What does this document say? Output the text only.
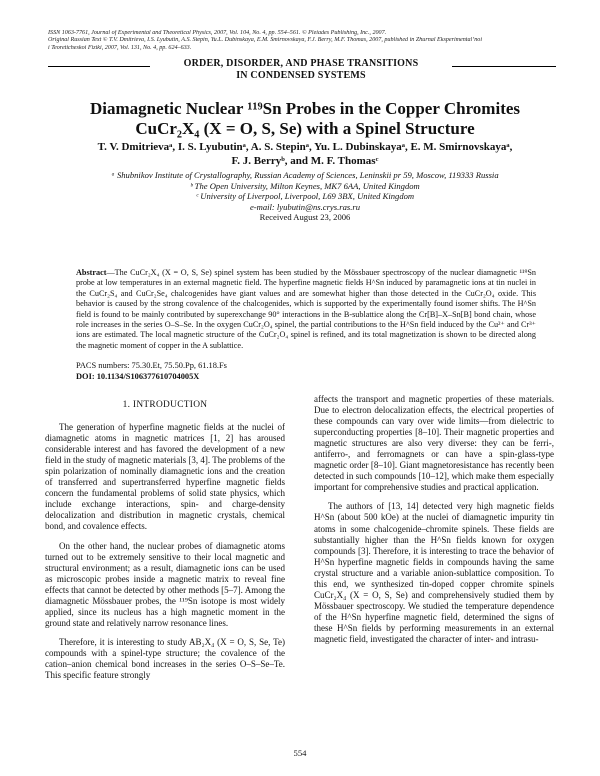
ISSN 1063-7761, Journal of Experimental and Theoretical Physics, 2007, Vol. 104, No. 4, pp. 554–561. © Pleiades Publishing, Inc., 2007.
Original Russian Text © T.V. Dmitrieva, I.S. Lyubutin, A.S. Stepin, Yu.L. Dubinskaya, E.M. Smirnovskaya, F.J. Berry, M.F. Thomas, 2007, published in Zhurnal Éksperimental’noi
i Teoreticheskoi Fiziki, 2007, Vol. 131, No. 4, pp. 624–633.
ORDER, DISORDER, AND PHASE TRANSITIONS
IN CONDENSED SYSTEMS
Diamagnetic Nuclear ¹¹⁹Sn Probes in the Copper Chromites
CuCr₂X₄ (X = O, S, Se) with a Spinel Structure
T. V. Dmitrievaᵃ, I. S. Lyubutinᵃ, A. S. Stepinᵃ, Yu. L. Dubinskayaᵃ, E. M. Smirnovskayaᵃ,
F. J. Berryᵇ, and M. F. Thomasᶜ
ᵃ Shubnikov Institute of Crystallography, Russian Academy of Sciences, Leninskii pr 59, Moscow, 119333 Russia
ᵇ The Open University, Milton Keynes, MK7 6AA, United Kingdom
ᶜ University of Liverpool, Liverpool, L69 3BX, United Kingdom
e-mail: lyubutin@ns.crys.ras.ru
Received August 23, 2006
Abstract—The CuCr₂X₄ (X = O, S, Se) spinel system has been studied by the Mössbauer spectroscopy of the nuclear diamagnetic ¹¹⁹Sn probe at low temperatures in an external magnetic field. The hyperfine magnetic fields H^Sn induced by paramagnetic ions at tin nuclei in the CuCr₂S₄ and CuCr₂Se₄ chalcogenides have giant values and are somewhat higher than those detected in the CuCr₂O₄ oxide. This behavior is caused by the strong covalence of the chalcogenides, which is supported by the experimentally found isomer shifts. The H^Sn field is found to be mainly contributed by superexchange 90° interactions in the B-sublattice along the Cr[B]–X–Sn[B] bond chain, whose role increases in the series O–S–Se. In the oxygen CuCr₂O₄ spinel, the partial contributions to the H^Sn field induced by the Cu²⁺ and Cr³⁺ ions are estimated. The local magnetic structure of the CuCr₂O₄ spinel is refined, and its total magnetization is shown to be directed along the magnetic moment of copper in the A sublattice.
PACS numbers: 75.30.Et, 75.50.Pp, 61.18.Fs
DOI: 10.1134/S106377610704005X
1. INTRODUCTION

The generation of hyperfine magnetic fields at the nuclei of diamagnetic atoms in magnetic matrices [1, 2] has aroused considerable interest and has favored the development of a new field in the study of magnetic materials [3, 4]. The problems of the spin polarization of nominally diamagnetic ions and the creation of transferred and supertransferred hyperfine magnetic fields concern the fundamental problems of solid state physics, which include exchange interactions, spin- and charge-density delocalization and distribution in magnetic crystals, chemical bond, and covalence effects.

On the other hand, the nuclear probes of diamagnetic atoms turned out to be extremely sensitive to their local magnetic and structural environment; as a result, diamagnetic ions can be used as microscopic probes inside a magnetic matrix to reveal fine effects that cannot be detected by other methods [5–7]. Among the diamagnetic Mössbauer probes, the ¹¹⁹Sn isotope is most widely applied, since its nucleus has a high magnetic moment in the ground state and relatively narrow resonance lines.

Therefore, it is interesting to study AB₂X₄ (X = O, S, Se, Te) compounds with a spinel-type structure; the covalence of the cation–anion chemical bond increases in the series O–S–Se–Te. This specific feature strongly

affects the transport and magnetic properties of these materials. Due to electron delocalization effects, the electrical properties of these compounds can vary over wide limits—from dielectric to superconducting properties [8–10]. Their magnetic properties and magnetic structures are also very diverse: they can be ferri-, antiferro-, and ferromagnets or can have a spin-glass-type magnetic order [8–10]. Giant magnetoresistance has recently been detected in such compounds [10–12], which make them especially important for comprehensive studies and practical application.

The authors of [13, 14] detected very high magnetic fields H^Sn (about 500 kOe) at the nuclei of diamagnetic impurity tin atoms in some chalcogenide–chromite spinels. These fields are substantially higher than the H^Sn fields known for oxygen compounds [3]. Therefore, it is interesting to trace the behavior of H^Sn hyperfine magnetic fields in compounds having the same crystal structure and a variable anion-sublattice composition. To this end, we synthesized tin-doped copper chromite spinels CuCr₂X₄ (X = O, S, Se) and comprehensively studied them by Mössbauer spectroscopy. We studied the temperature dependence of the H^Sn hyperfine magnetic field, determined the signs of these H^Sn fields by performing measurements in an external magnetic field, investigated the character of inter- and intrasu-

554
